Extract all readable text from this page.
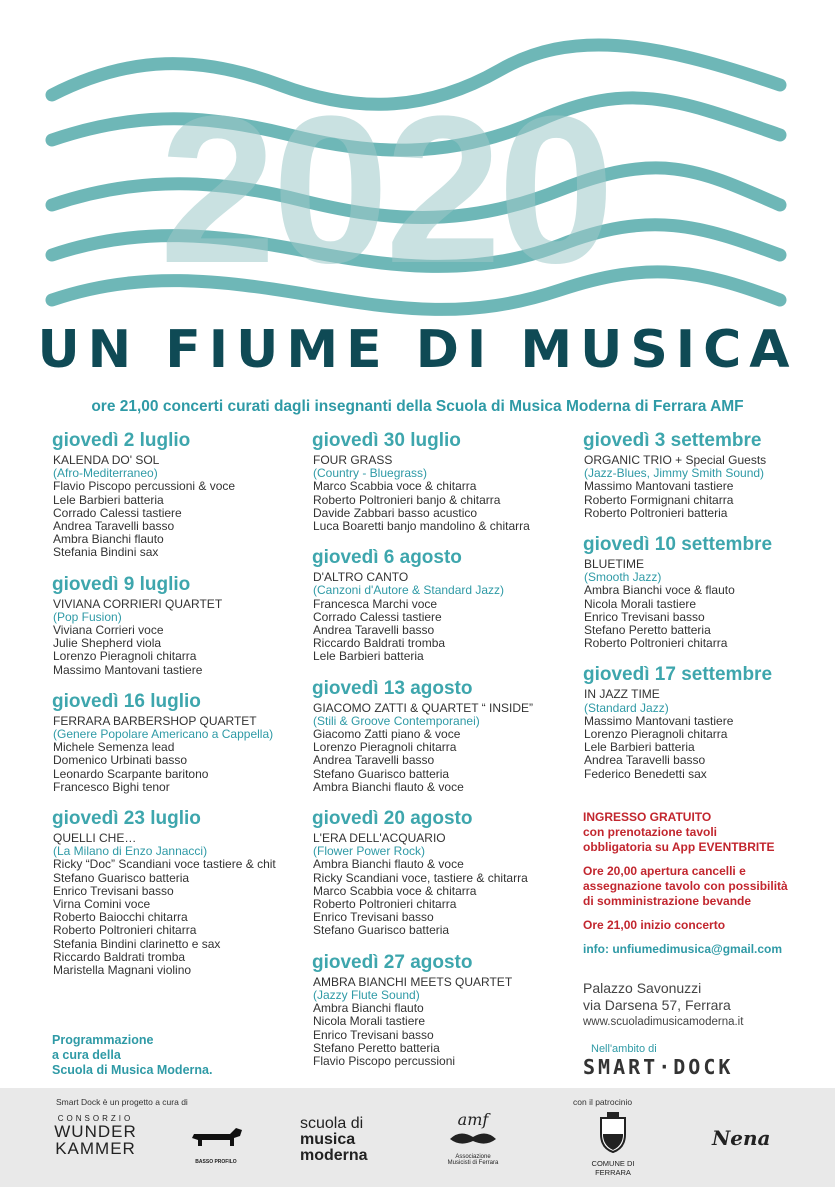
2020
UN FIUME DI MUSICA
ore 21,00 concerti curati dagli insegnanti della Scuola di Musica Moderna di Ferrara AMF
giovedì 2 luglio
KALENDA DO' SOL
(Afro-Mediterraneo)
Flavio Piscopo percussioni & voce
Lele Barbieri batteria
Corrado Calessi tastiere
Andrea Taravelli basso
Ambra Bianchi flauto
Stefania Bindini sax
giovedì 9 luglio
VIVIANA CORRIERI QUARTET
(Pop Fusion)
Viviana Corrieri voce
Julie Shepherd viola
Lorenzo Pieragnoli chitarra
Massimo Mantovani tastiere
giovedì 16 luglio
FERRARA BARBERSHOP QUARTET
(Genere Popolare Americano a Cappella)
Michele Semenza lead
Domenico Urbinati basso
Leonardo Scarpante baritono
Francesco Bighi tenor
giovedì 23 luglio
QUELLI CHE…
(La Milano di Enzo Jannacci)
Ricky “Doc” Scandiani voce tastiere & chit
Stefano Guarisco batteria
Enrico Trevisani basso
Virna Comini voce
Roberto Baiocchi chitarra
Roberto Poltronieri chitarra
Stefania Bindini clarinetto e sax
Riccardo Baldrati tromba
Maristella Magnani violino
giovedì 30 luglio
FOUR GRASS
(Country - Bluegrass)
Marco Scabbia voce & chitarra
Roberto Poltronieri banjo & chitarra
Davide Zabbari basso acustico
Luca Boaretti banjo mandolino & chitarra
giovedì 6 agosto
D'ALTRO CANTO
(Canzoni d'Autore & Standard Jazz)
Francesca Marchi voce
Corrado Calessi tastiere
Andrea Taravelli basso
Riccardo Baldrati tromba
Lele Barbieri batteria
giovedì 13 agosto
GIACOMO ZATTI & QUARTET “ INSIDE”
(Stili & Groove Contemporanei)
Giacomo Zatti piano & voce
Lorenzo Pieragnoli chitarra
Andrea Taravelli basso
Stefano Guarisco batteria
Ambra Bianchi flauto & voce
giovedì 20 agosto
L'ERA DELL'ACQUARIO
(Flower Power Rock)
Ambra Bianchi flauto & voce
Ricky Scandiani voce, tastiere & chitarra
Marco Scabbia voce & chitarra
Roberto Poltronieri chitarra
Enrico Trevisani basso
Stefano Guarisco batteria
giovedì 27 agosto
AMBRA BIANCHI MEETS QUARTET
(Jazzy Flute Sound)
Ambra Bianchi flauto
Nicola Morali tastiere
Enrico Trevisani basso
Stefano Peretto batteria
Flavio Piscopo percussioni
giovedì 3 settembre
ORGANIC TRIO + Special Guests
(Jazz-Blues, Jimmy Smith Sound)
Massimo Mantovani tastiere
Roberto Formignani chitarra
Roberto Poltronieri batteria
giovedì 10 settembre
BLUETIME
(Smooth Jazz)
Ambra Bianchi voce & flauto
Nicola Morali tastiere
Enrico Trevisani basso
Stefano Peretto batteria
Roberto Poltronieri chitarra
giovedì 17 settembre
IN JAZZ TIME
(Standard Jazz)
Massimo Mantovani tastiere
Lorenzo Pieragnoli chitarra
Lele Barbieri batteria
Andrea Taravelli basso
Federico Benedetti sax

INGRESSO GRATUITO
con prenotazione tavoli
obbligatoria su App EVENTBRITE

Ore 20,00 apertura cancelli e
assegnazione tavolo con possibilità
di somministrazione bevande

Ore 21,00 inizio concerto

info: unfiumedimusica@gmail.com

Palazzo Savonuzzi
via Darsena 57, Ferrara
www.scuoladimusicamoderna.it
Programmazione
a cura della
Scuola di Musica Moderna.
Nell'ambito di
SMART·DOCK
Smart Dock è un progetto a cura di	con il patrocinio
CONSORZIO
WUNDER
KAMMER
BASSO PROFILO
scuola di
musica
moderna
amf
Associazione
Musicisti di Ferrara	COMUNE DI FERRARA
Nena
